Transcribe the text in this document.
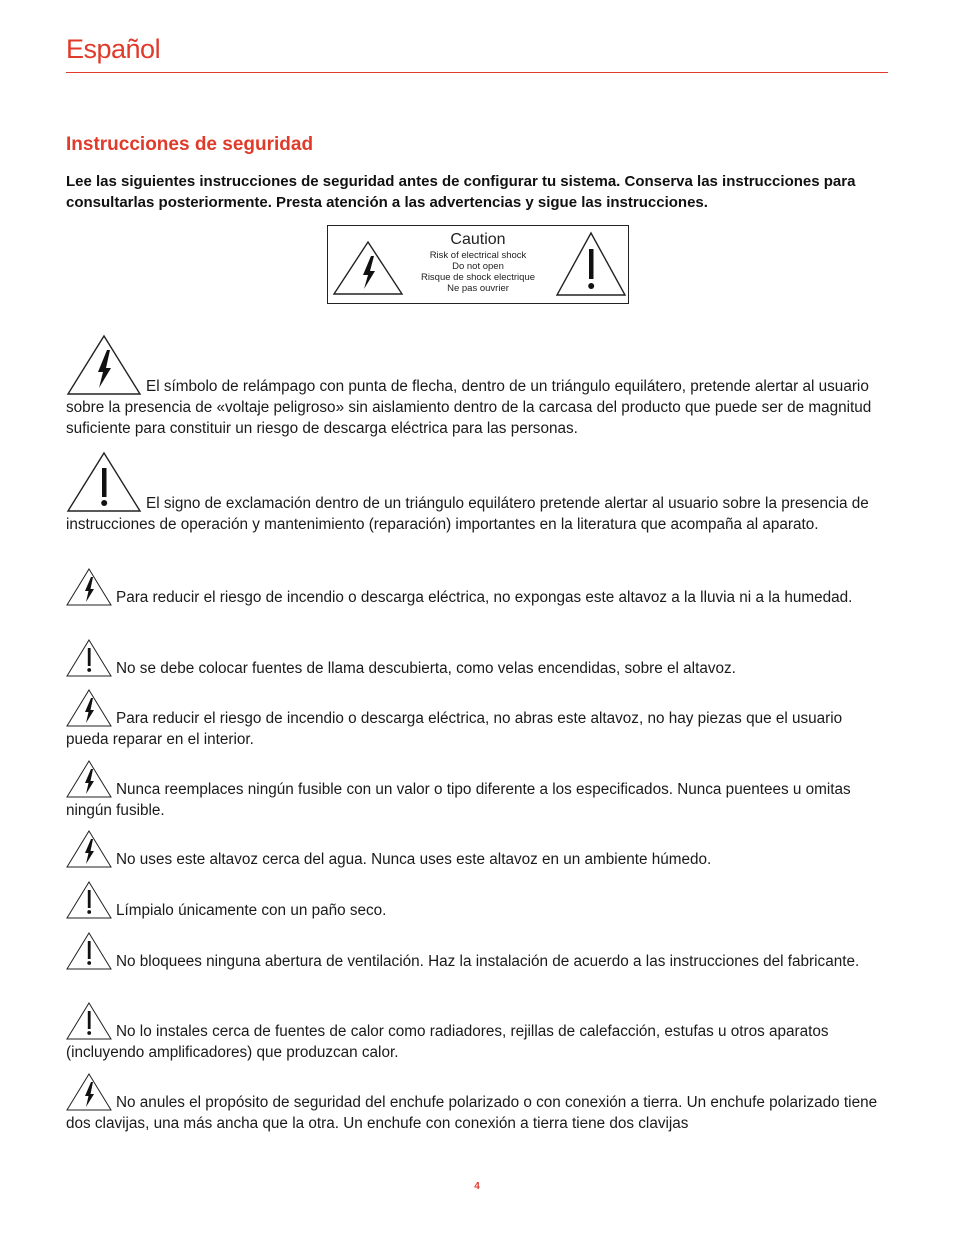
Español
Instrucciones de seguridad

Lee las siguientes instrucciones de seguridad antes de configurar tu sistema. Conserva las instrucciones para consultarlas posteriormente. Presta atención a las advertencias y sigue las instrucciones.

Caution
Risk of electrical shock
Do not open
Risque de shock electrique
Ne pas ouvrier

El símbolo de relámpago con punta de flecha, dentro de un triángulo equilátero, pretende alertar al usuario sobre la presencia de «voltaje peligroso» sin aislamiento dentro de la carcasa del producto que puede ser de magnitud suficiente para constituir un riesgo de descarga eléctrica para las personas.

El signo de exclamación dentro de un triángulo equilátero pretende alertar al usuario sobre la presencia de instrucciones de operación y mantenimiento (reparación) importantes en la literatura que acompaña al aparato.

Para reducir el riesgo de incendio o descarga eléctrica, no expongas este altavoz a la lluvia ni a la humedad.

No se debe colocar fuentes de llama descubierta, como velas encendidas, sobre el altavoz.

Para reducir el riesgo de incendio o descarga eléctrica, no abras este altavoz, no hay piezas que el usuario pueda reparar en el interior.

Nunca reemplaces ningún fusible con un valor o tipo diferente a los especificados. Nunca puentees u omitas ningún fusible.

No uses este altavoz cerca del agua. Nunca uses este altavoz en un ambiente húmedo.

Límpialo únicamente con un paño seco.

No bloquees ninguna abertura de ventilación. Haz la instalación de acuerdo a las instrucciones del fabricante.

No lo instales cerca de fuentes de calor como radiadores, rejillas de calefacción, estufas u otros aparatos (incluyendo amplificadores) que produzcan calor.

No anules el propósito de seguridad del enchufe polarizado o con conexión a tierra. Un enchufe polarizado tiene dos clavijas, una más ancha que la otra. Un enchufe con conexión a tierra tiene dos clavijas

4
